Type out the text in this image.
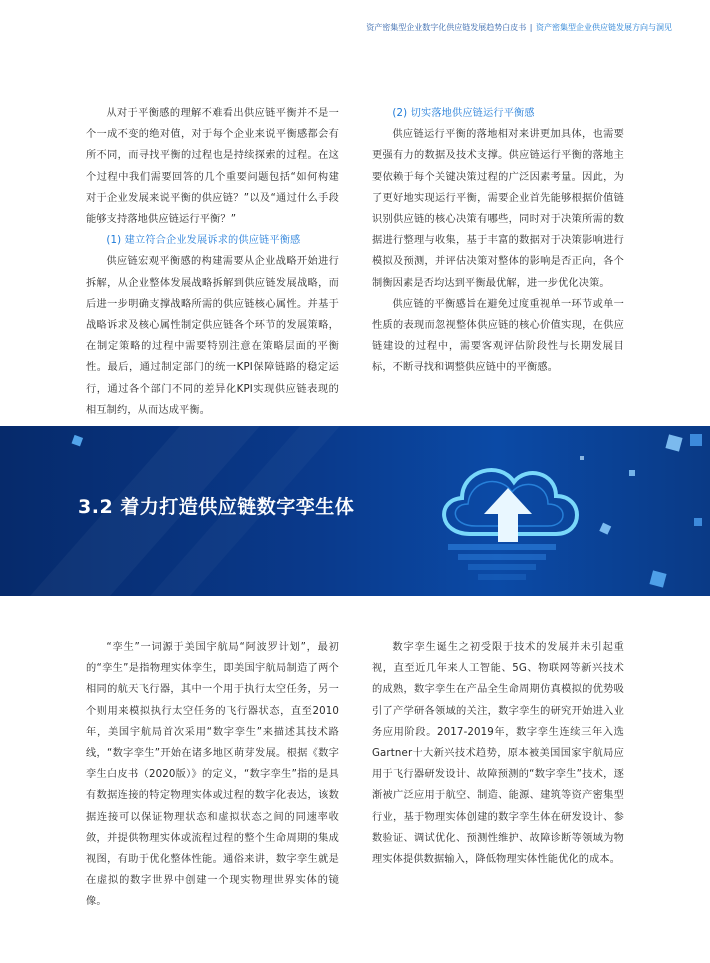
资产密集型企业数字化供应链发展趋势白皮书 | 资产密集型企业供应链发展方向与洞见

从对于平衡感的理解不难看出供应链平衡并不是一个一成不变的绝对值，对于每个企业来说平衡感都会有所不同，而寻找平衡的过程也是持续探索的过程。在这个过程中我们需要回答的几个重要问题包括“如何构建对于企业发展来说平衡的供应链？”以及“通过什么手段能够支持落地供应链运行平衡？”

(1) 建立符合企业发展诉求的供应链平衡感

供应链宏观平衡感的构建需要从企业战略开始进行拆解，从企业整体发展战略拆解到供应链发展战略，而后进一步明确支撑战略所需的供应链核心属性。并基于战略诉求及核心属性制定供应链各个环节的发展策略，在制定策略的过程中需要特别注意在策略层面的平衡性。最后，通过制定部门的统一KPI保障链路的稳定运行，通过各个部门不同的差异化KPI实现供应链表现的相互制约，从而达成平衡。

(2) 切实落地供应链运行平衡感

供应链运行平衡的落地相对来讲更加具体，也需要更强有力的数据及技术支撑。供应链运行平衡的落地主要依赖于每个关键决策过程的广泛因素考量。因此，为了更好地实现运行平衡，需要企业首先能够根据价值链识别供应链的核心决策有哪些，同时对于决策所需的数据进行整理与收集，基于丰富的数据对于决策影响进行模拟及预测，并评估决策对整体的影响是否正向，各个制衡因素是否均达到平衡最优解，进一步优化决策。

供应链的平衡感旨在避免过度重视单一环节或单一性质的表现而忽视整体供应链的核心价值实现，在供应链建设的过程中，需要客观评估阶段性与长期发展目标，不断寻找和调整供应链中的平衡感。

3.2 着力打造供应链数字孪生体

“孪生”一词源于美国宇航局“阿波罗计划”，最初的“孪生”是指物理实体孪生，即美国宇航局制造了两个相同的航天飞行器，其中一个用于执行太空任务，另一个则用来模拟执行太空任务的飞行器状态，直至2010年，美国宇航局首次采用“数字孪生”来描述其技术路线，“数字孪生”开始在诸多地区萌芽发展。根据《数字孪生白皮书（2020版）》的定义，“数字孪生”指的是具有数据连接的特定物理实体或过程的数字化表达，该数据连接可以保证物理状态和虚拟状态之间的同速率收敛，并提供物理实体或流程过程的整个生命周期的集成视图，有助于优化整体性能。通俗来讲，数字孪生就是在虚拟的数字世界中创建一个现实物理世界实体的镜像。

数字孪生诞生之初受限于技术的发展并未引起重视，直至近几年来人工智能、5G、物联网等新兴技术的成熟，数字孪生在产品全生命周期仿真模拟的优势吸引了产学研各领域的关注，数字孪生的研究开始进入业务应用阶段。2017-2019年，数字孪生连续三年入选Gartner十大新兴技术趋势，原本被美国国家宇航局应用于飞行器研发设计、故障预测的“数字孪生”技术，逐渐被广泛应用于航空、制造、能源、建筑等资产密集型行业，基于物理实体创建的数字孪生体在研发设计、参数验证、调试优化、预测性维护、故障诊断等领域为物理实体提供数据输入，降低物理实体性能优化的成本。
